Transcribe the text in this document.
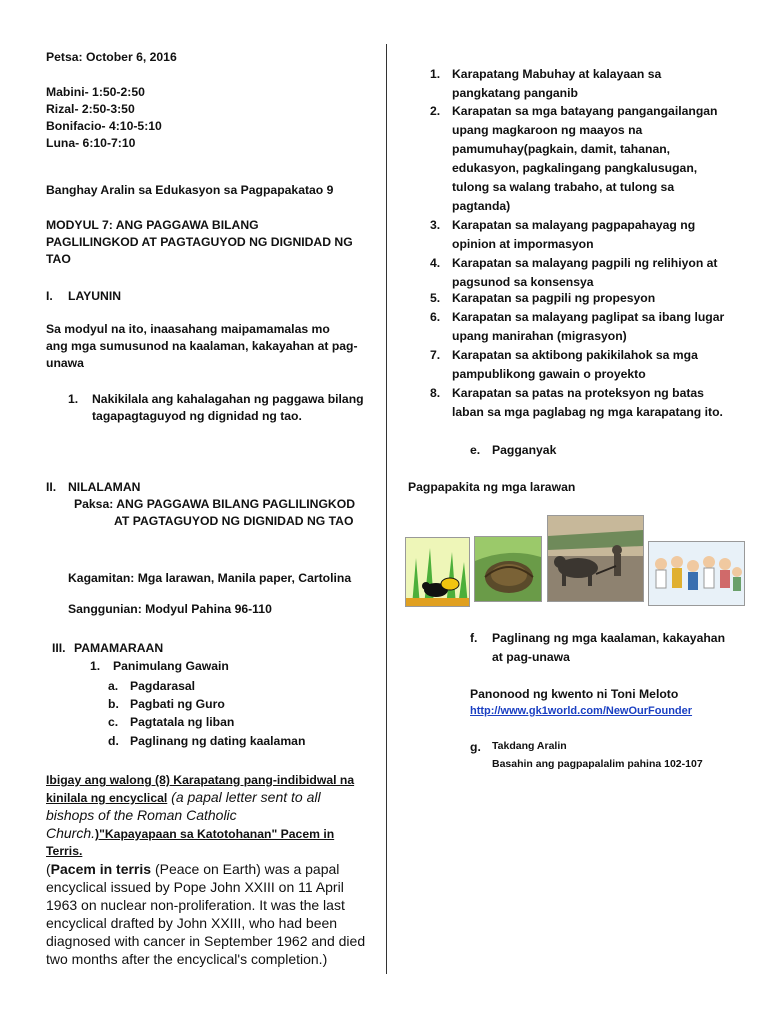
Petsa: October 6, 2016
Mabini- 1:50-2:50
Rizal- 2:50-3:50
Bonifacio- 4:10-5:10
Luna- 6:10-7:10
Banghay Aralin sa Edukasyon sa Pagpapakatao 9
MODYUL 7: ANG PAGGAWA BILANG
PAGLILINGKOD AT PAGTAGUYOD NG DIGNIDAD NG
TAO
I. LAYUNIN
Sa modyul na ito, inaasahang maipamamalas mo
ang mga sumusunod na kaalaman, kakayahan at pag-
unawa
1. Nakikilala ang kahalagahan ng paggawa bilang
tagapagtaguyod ng dignidad ng tao.
II. NILALAMAN
Paksa: ANG PAGGAWA BILANG PAGLILINGKOD
AT PAGTAGUYOD NG DIGNIDAD NG TAO
Kagamitan: Mga larawan, Manila paper, Cartolina
Sanggunian: Modyul Pahina 96-110
III. PAMAMARAAN
1. Panimulang Gawain
a. Pagdarasal
b. Pagbati ng Guro
c. Pagtatala ng liban
d. Paglinang ng dating kaalaman
Ibigay ang walong (8) Karapatang pang-indibidwal na
kinilala ng encyclical (a papal letter sent to all
bishops of the Roman Catholic
Church.)"Kapayapaan sa Katotohanan" Pacem in
Terris.
(Pacem in terris (Peace on Earth) was a papal
encyclical issued by Pope John XXIII on 11 April
1963 on nuclear non-proliferation. It was the last
encyclical drafted by John XXIII, who had been
diagnosed with cancer in September 1962 and died
two months after the encyclical's completion.)
1. Karapatang Mabuhay at kalayaan sa
pangkatang panganib
2. Karapatan sa mga batayang pangangailangan
upang magkaroon ng maayos na
pamumuhay(pagkain, damit, tahanan,
edukasyon, pagkalingang pangkalusugan,
tulong sa walang trabaho, at tulong sa
pagtanda)
3. Karapatan sa malayang pagpapahayag ng
opinion at impormasyon
4. Karapatan sa malayang pagpili ng relihiyon at
pagsunod sa konsensya
5. Karapatan sa pagpili ng propesyon
6. Karapatan sa malayang paglipat sa ibang lugar
upang manirahan (migrasyon)
7. Karapatan sa aktibong pakikilahok sa mga
pampublikong gawain o proyekto
8. Karapatan sa patas na proteksyon ng batas
laban sa mga paglabag ng mga karapatang ito.
e. Pagganyak
Pagpapakita ng mga larawan
f. Paglinang ng mga kaalaman, kakayahan
at pag-unawa
Panonood ng kwento ni Toni Meloto
http://www.gk1world.com/NewOurFounder
g. Takdang Aralin
Basahin ang pagpapalalim pahina 102-107
